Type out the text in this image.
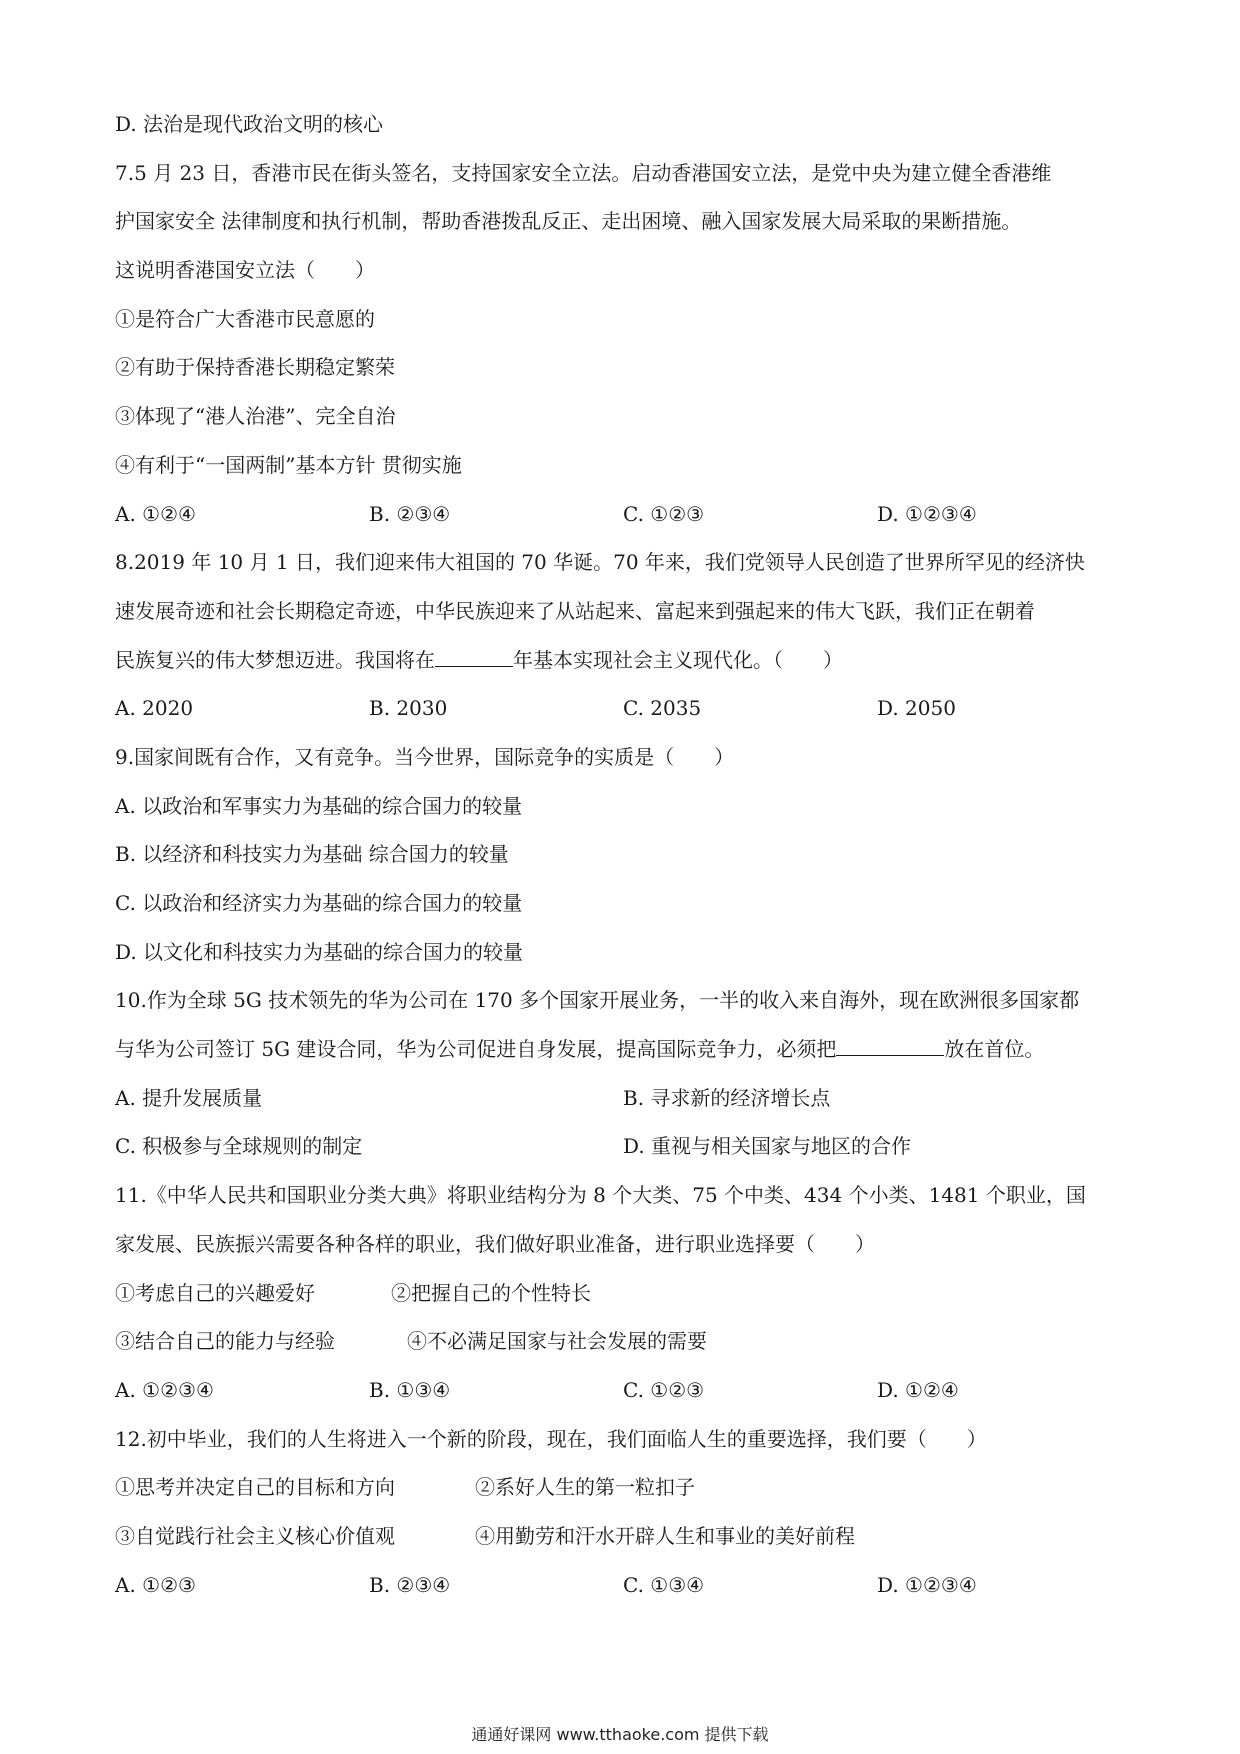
D. 法治是现代政治文明的核心
7.5 月 23 日，香港市民在街头签名，支持国家安全立法。启动香港国安立法，是党中央为建立健全香港维
护国家安全 法律制度和执行机制，帮助香港拨乱反正、走出困境、融入国家发展大局采取的果断措施。
这说明香港国安立法（　　）
①是符合广大香港市民意愿的
②有助于保持香港长期稳定繁荣
③体现了“港人治港”、完全自治
④有利于“一国两制”基本方针 贯彻实施
A. ①②④	B. ②③④	C. ①②③	D. ①②③④
8.2019 年 10 月 1 日，我们迎来伟大祖国的 70 华诞。70 年来，我们党领导人民创造了世界所罕见的经济快
速发展奇迹和社会长期稳定奇迹，中华民族迎来了从站起来、富起来到强起来的伟大飞跃，我们正在朝着
民族复兴的伟大梦想迈进。我国将在	年基本实现社会主义现代化。（　　）
A. 2020	B. 2030	C. 2035	D. 2050
9.国家间既有合作，又有竞争。当今世界，国际竞争的实质是（　　）
A. 以政治和军事实力为基础的综合国力的较量
B. 以经济和科技实力为基础 综合国力的较量
C. 以政治和经济实力为基础的综合国力的较量
D. 以文化和科技实力为基础的综合国力的较量
10.作为全球 5G 技术领先的华为公司在 170 多个国家开展业务，一半的收入来自海外，现在欧洲很多国家都
与华为公司签订 5G 建设合同，华为公司促进自身发展，提高国际竞争力，必须把	放在首位。
A. 提升发展质量	B. 寻求新的经济增长点
C. 积极参与全球规则的制定	D. 重视与相关国家与地区的合作
11.《中华人民共和国职业分类大典》将职业结构分为 8 个大类、75 个中类、434 个小类、1481 个职业，国
家发展、民族振兴需要各种各样的职业，我们做好职业准备，进行职业选择要（　　）
①考虑自己的兴趣爱好	②把握自己的个性特长
③结合自己的能力与经验	④不必满足国家与社会发展的需要
A. ①②③④	B. ①③④	C. ①②③	D. ①②④
12.初中毕业，我们的人生将进入一个新的阶段，现在，我们面临人生的重要选择，我们要（　　）
①思考并决定自己的目标和方向	②系好人生的第一粒扣子
③自觉践行社会主义核心价值观	④用勤劳和汗水开辟人生和事业的美好前程
A. ①②③	B. ②③④	C. ①③④	D. ①②③④
通通好课网 www.tthaoke.com 提供下载
